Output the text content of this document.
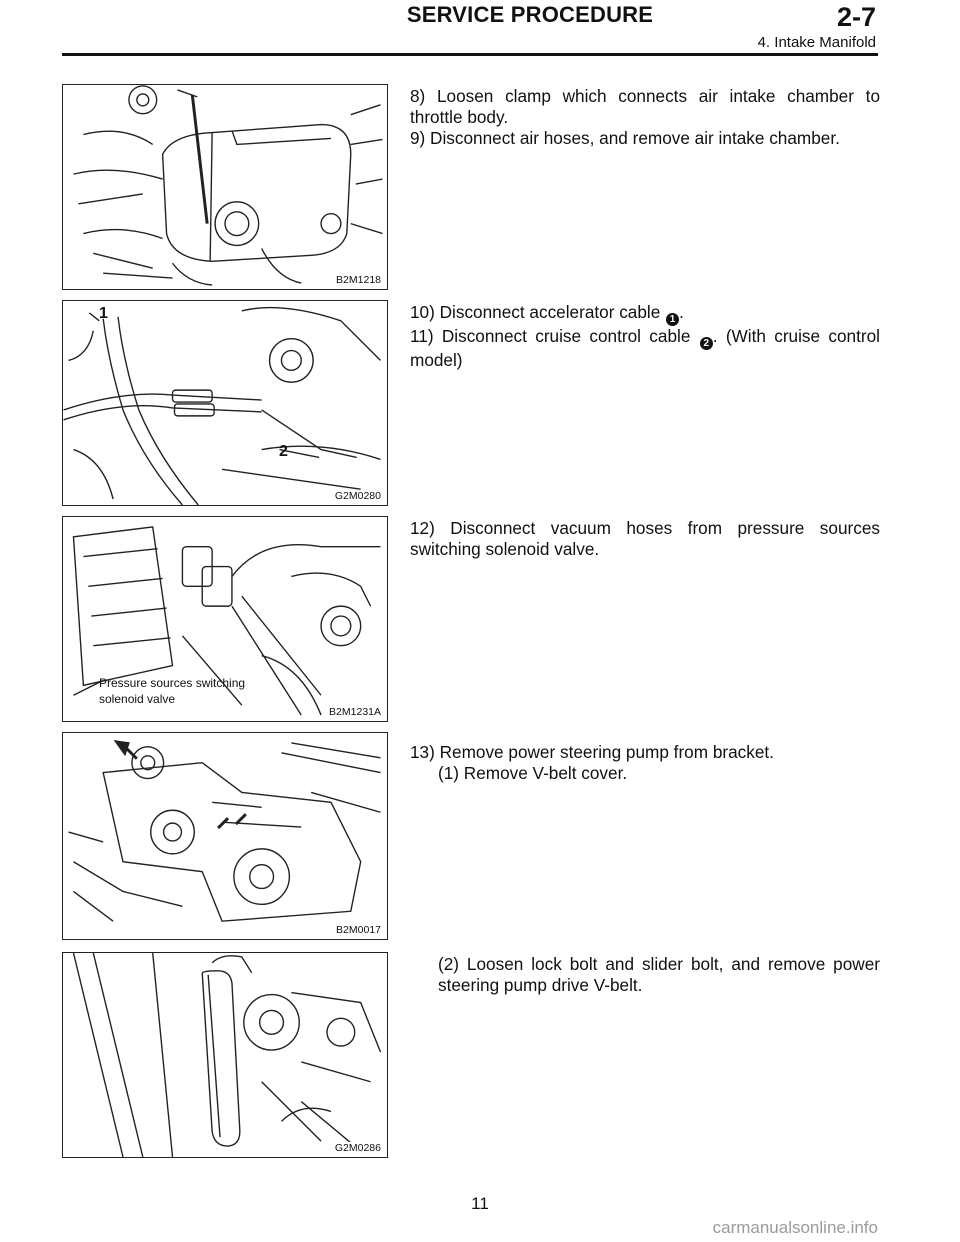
SERVICE PROCEDURE	2-7
4. Intake Manifold
B2M1218

8) Loosen clamp which connects air intake chamber to throttle body.

9) Disconnect air hoses, and remove air intake chamber.

1
2
G2M0280

10) Disconnect accelerator cable 1 .

11) Disconnect cruise control cable 2 . (With cruise control model)

Pressure sources switching
solenoid valve
B2M1231A

12) Disconnect vacuum hoses from pressure sources switching solenoid valve.

B2M0017

13) Remove power steering pump from bracket.

(1) Remove V-belt cover.

G2M0286

(2) Loosen lock bolt and slider bolt, and remove power steering pump drive V-belt.

11
carmanualsonline.info
